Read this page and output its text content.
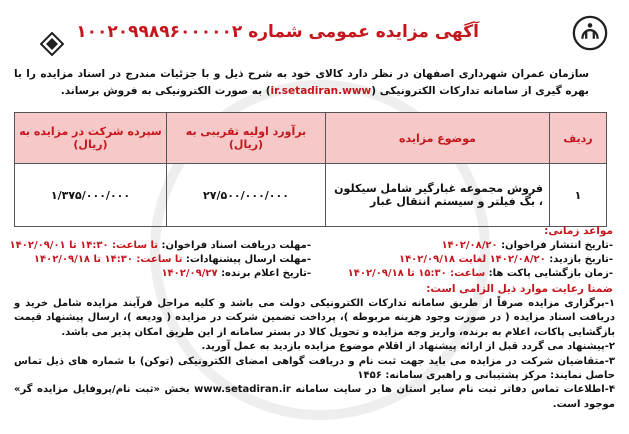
آگهی مزایده عمومی شماره ۱۰۰۲۰۹۹۸۹۶۰۰۰۰۰۲
سازمان عمران شهرداری اصفهان در نظر دارد کالای خود به شرح ذیل و با جزئیات مندرج در اسناد مزایده را با بهره گیری از سامانه تدارکات الکترونیکی (ir.setadiran.www) به صورت الکترونیکی به فروش برساند.
ردیف	موضوع مزایده	برآورد اولیه تقریبی به (ریال)	سپرده شرکت در مزایده به (ریال)
۱	فروش مجموعه غبارگیر شامل سیکلون ، بگ فیلتر و سیستم انتقال غبار	۲۷/۵۰۰/۰۰۰/۰۰۰	۱/۳۷۵/۰۰۰/۰۰۰
مواعد زمانی:
-تاریخ انتشار فراخوان: ۱۴۰۲/۰۸/۲۰
-مهلت دریافت اسناد فراخوان: تا ساعت: ۱۴:۳۰ تا ۱۴۰۲/۰۹/۰۱
-تاریخ بازدید: ۱۴۰۲/۰۸/۲۰ لغایت ۱۴۰۲/۰۹/۱۸
-مهلت ارسال پیشنهادات: تا ساعت: ۱۴:۳۰ تا ۱۴۰۲/۰۹/۱۸
-زمان بازگشایی پاکت ها: ساعت: ۱۵:۳۰ تا ۱۴۰۲/۰۹/۱۸
-تاریخ اعلام برنده: ۱۴۰۲/۰۹/۲۷
ضمنا رعایت موارد ذیل الزامی است:

۱-برگزاری مزایده صرفاً از طریق سامانه تدارکات الکترونیکی دولت می باشد و کلیه مراحل فرآیند مزایده شامل خرید و دریافت اسناد مزایده ( در صورت وجود هزینه مربوطه )، پرداخت تضمین شرکت در مزایده ( ودیعه )، ارسال پیشنهاد قیمت بازگشایی پاکات، اعلام به برنده، واریز وجه مزایده و تحویل کالا در بستر سامانه از این طریق امکان پذیر می باشد.

۲-پیشنهاد می گردد قبل از ارائه پیشنهاد از اقلام موضوع مزایده بازدید به عمل آورید.

۳-متقاضیان شرکت در مزایده می باید جهت ثبت نام و دریافت گواهی امضای الکترونیکی (توکن) با شماره های ذیل تماس حاصل نمایند: مرکز پشتیبانی و راهبری سامانه: ۱۴۵۶

۴-اطلاعات تماس دفاتر ثبت نام سایر استان ها در سایت سامانه www.setadiran.ir بخش «ثبت نام/پروفایل مزایده گر» موجود است.
